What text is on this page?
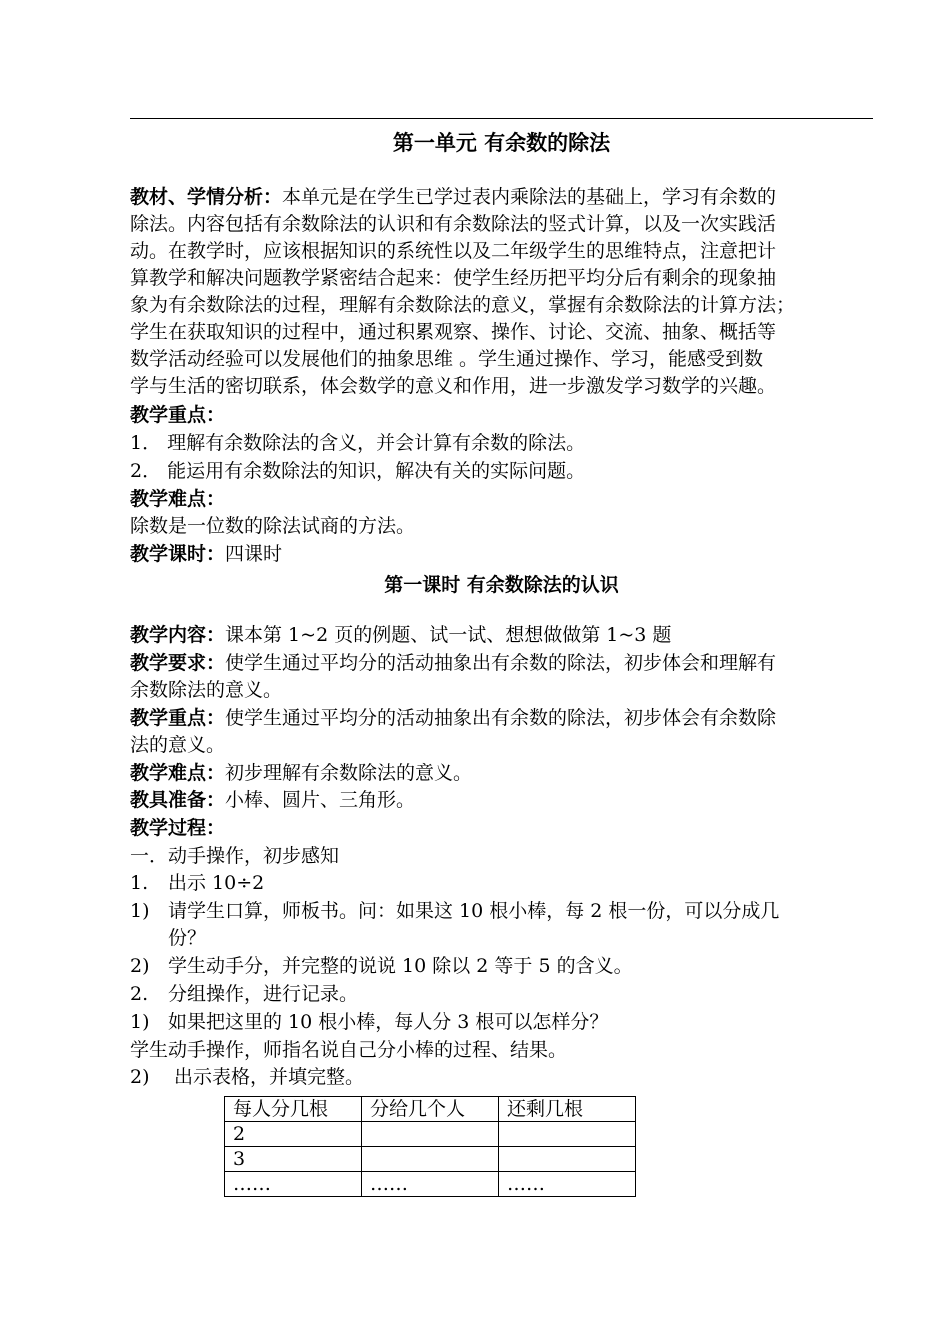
第一单元 有余数的除法
教材、学情分析：本单元是在学生已学过表内乘除法的基础上，学习有余数的
除法。内容包括有余数除法的认识和有余数除法的竖式计算，以及一次实践活
动。在教学时，应该根据知识的系统性以及二年级学生的思维特点，注意把计
算教学和解决问题教学紧密结合起来：使学生经历把平均分后有剩余的现象抽
象为有余数除法的过程，理解有余数除法的意义，掌握有余数除法的计算方法；
学生在获取知识的过程中，通过积累观察、操作、讨论、交流、抽象、概括等
数学活动经验可以发展他们的抽象思维 。学生通过操作、学习，能感受到数
学与生活的密切联系，体会数学的意义和作用，进一步激发学习数学的兴趣。
教学重点：
1． 理解有余数除法的含义，并会计算有余数的除法。
2． 能运用有余数除法的知识，解决有关的实际问题。
教学难点：
除数是一位数的除法试商的方法。
教学课时：四课时
第一课时 有余数除法的认识
教学内容：课本第 1~2 页的例题、试一试、想想做做第 1~3 题
教学要求：使学生通过平均分的活动抽象出有余数的除法，初步体会和理解有
余数除法的意义。
教学重点：使学生通过平均分的活动抽象出有余数的除法，初步体会有余数除
法的意义。
教学难点：初步理解有余数除法的意义。
教具准备：小棒、圆片、三角形。
教学过程：
一．动手操作，初步感知
1. 出示 10÷2
1) 请学生口算，师板书。问：如果这 10 根小棒，每 2 根一份，可以分成几
份？
2) 学生动手分，并完整的说说 10 除以 2 等于 5 的含义。
2. 分组操作，进行记录。
1) 如果把这里的 10 根小棒，每人分 3 根可以怎样分？
学生动手操作，师指名说自己分小棒的过程、结果。
2) 出示表格，并填完整。
每人分几根	分给几个人	还剩几根
2		
3		
……	……	……
